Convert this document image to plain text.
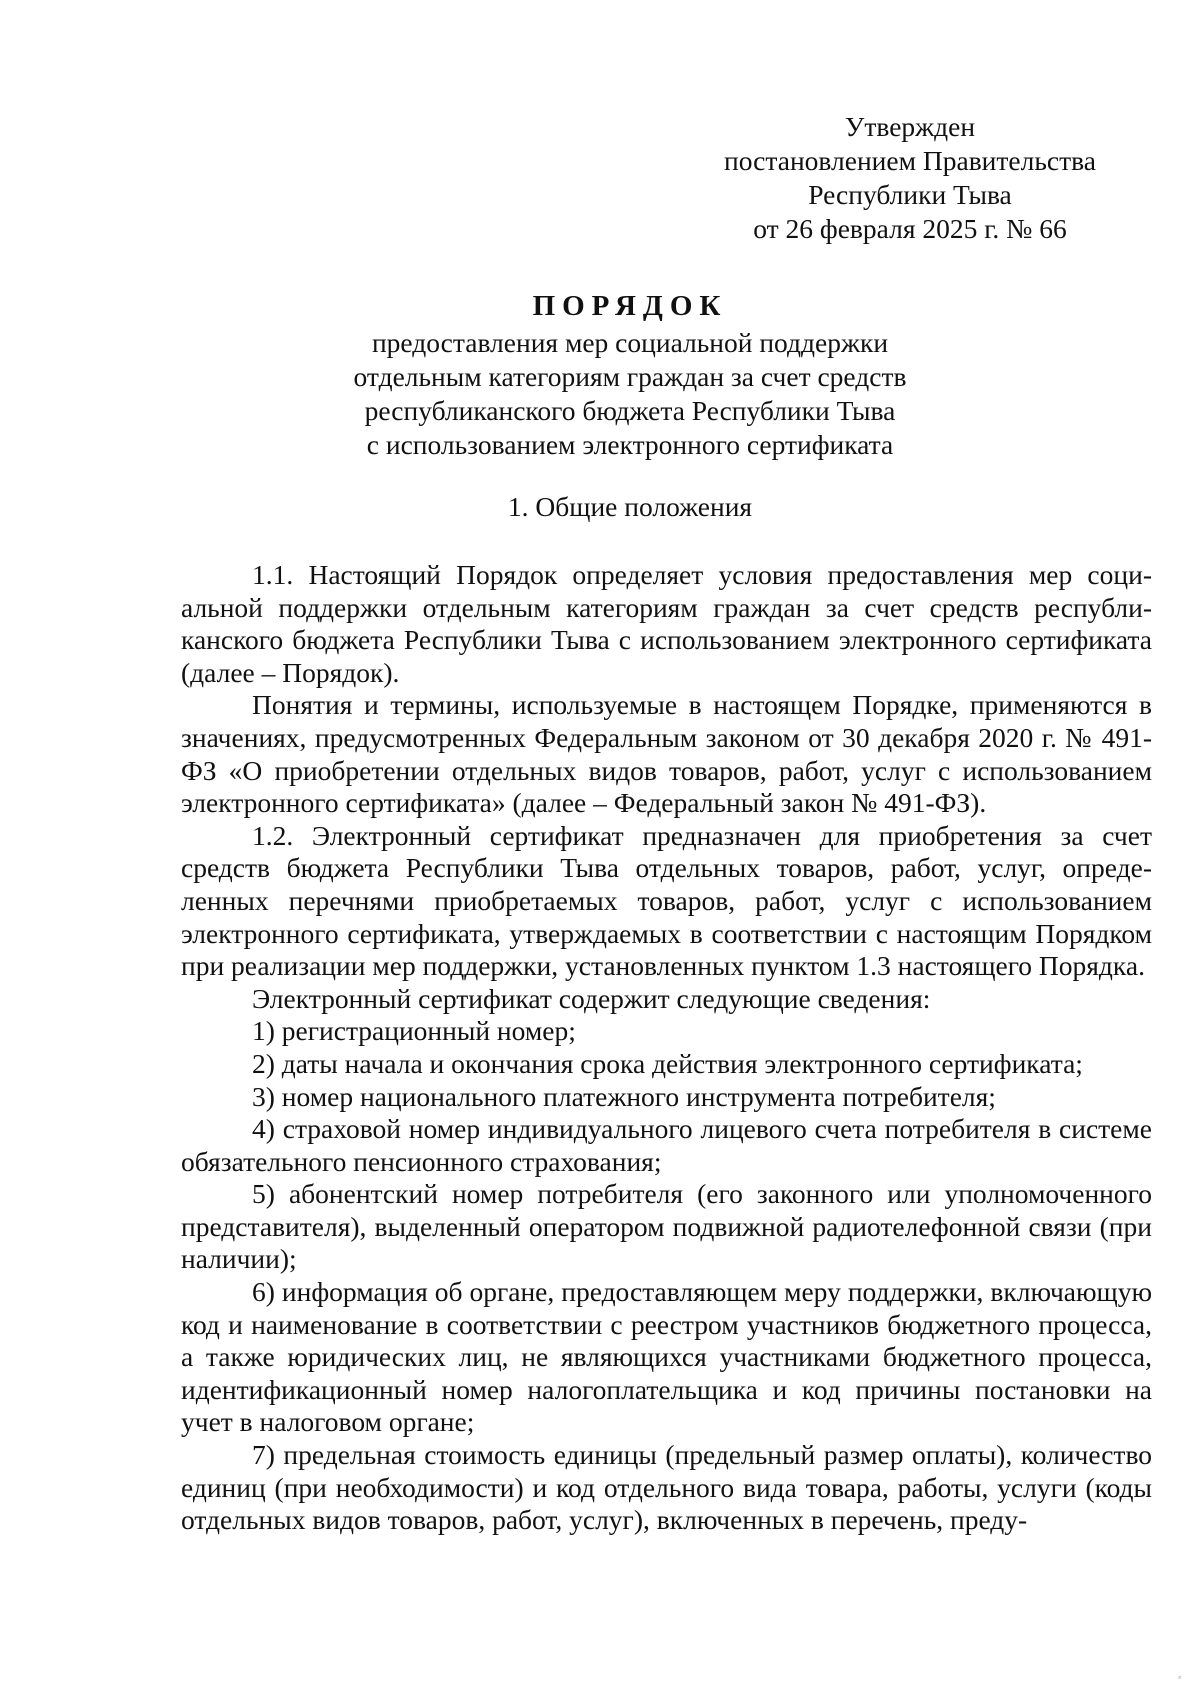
Утвержден
постановлением Правительства
Республики Тыва
от 26 февраля 2025 г. № 66
ПОРЯДОК
предоставления мер социальной поддержки
отдельным категориям граждан за счет средств
республиканского бюджета Республики Тыва
с использованием электронного сертификата
1. Общие положения

1.1. Настоящий Порядок определяет условия предоставления мер социальной поддержки отдельным категориям граждан за счет средств республиканского бюджета Республики Тыва с использованием электронного сертификата (далее – Порядок).

Понятия и термины, используемые в настоящем Порядке, применяются в значениях, предусмотренных Федеральным законом от 30 декабря 2020 г. № 491-ФЗ «О приобретении отдельных видов товаров, работ, услуг с использованием электронного сертификата» (далее – Федеральный закон № 491-ФЗ).

1.2. Электронный сертификат предназначен для приобретения за счет средств бюджета Республики Тыва отдельных товаров, работ, услуг, определенных перечнями приобретаемых товаров, работ, услуг с использованием электронного сертификата, утверждаемых в соответствии с настоящим Порядком при реализации мер поддержки, установленных пунктом 1.3 настоящего Порядка.

Электронный сертификат содержит следующие сведения:

1) регистрационный номер;

2) даты начала и окончания срока действия электронного сертификата;

3) номер национального платежного инструмента потребителя;

4) страховой номер индивидуального лицевого счета потребителя в системе обязательного пенсионного страхования;

5) абонентский номер потребителя (его законного или уполномоченного представителя), выделенный оператором подвижной радиотелефонной связи (при наличии);

6) информация об органе, предоставляющем меру поддержки, включающую код и наименование в соответствии с реестром участников бюджетного процесса, а также юридических лиц, не являющихся участниками бюджетного процесса, идентификационный номер налогоплательщика и код причины постановки на учет в налоговом органе;

7) предельная стоимость единицы (предельный размер оплаты), количество единиц (при необходимости) и код отдельного вида товара, работы, услуги (коды отдельных видов товаров, работ, услуг), включенных в перечень, преду-

⸗
